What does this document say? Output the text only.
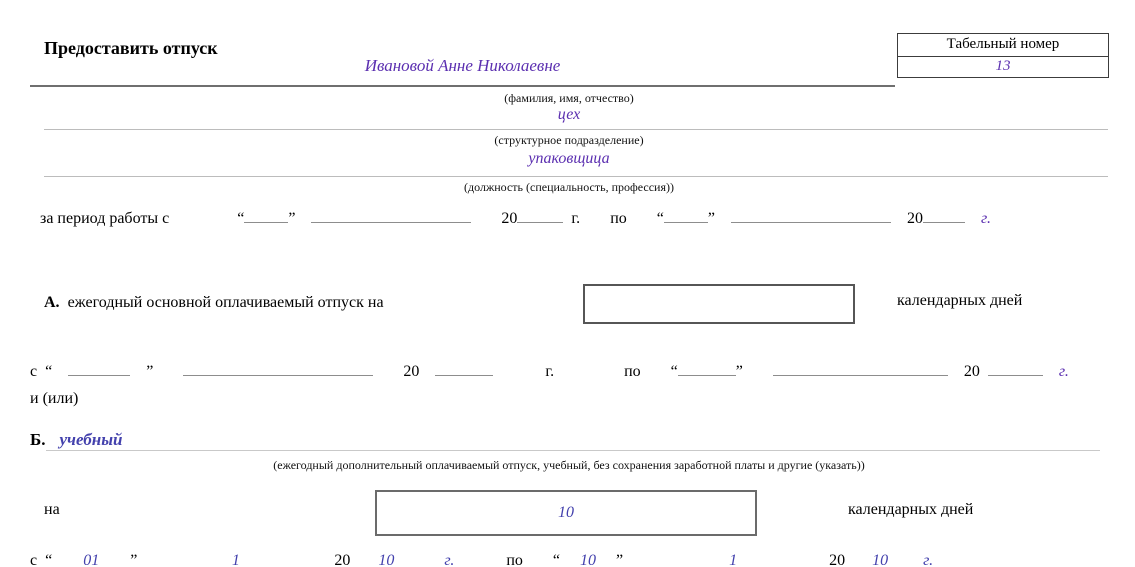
Предоставить отпуск	Табельный номер
13
Ивановой Анне Николаевне
(фамилия, имя, отчество)
цех
(структурное подразделение)
упаковщица
(должность (специальность, профессия))
за период работы с	“	”	20	г. по “	”	20	г.
А. ежегодный основной оплачиваемый отпуск на	календарных дней
с “	”	20	г.	по “	”	20	г.
и (или)
Б. учебный
(ежегодный дополнительный оплачиваемый отпуск, учебный, без сохранения заработной платы и другие (указать))
на	10	календарных дней
с “	01	”	1	20	10	г.	по “	10	”	1	20	10	г.
